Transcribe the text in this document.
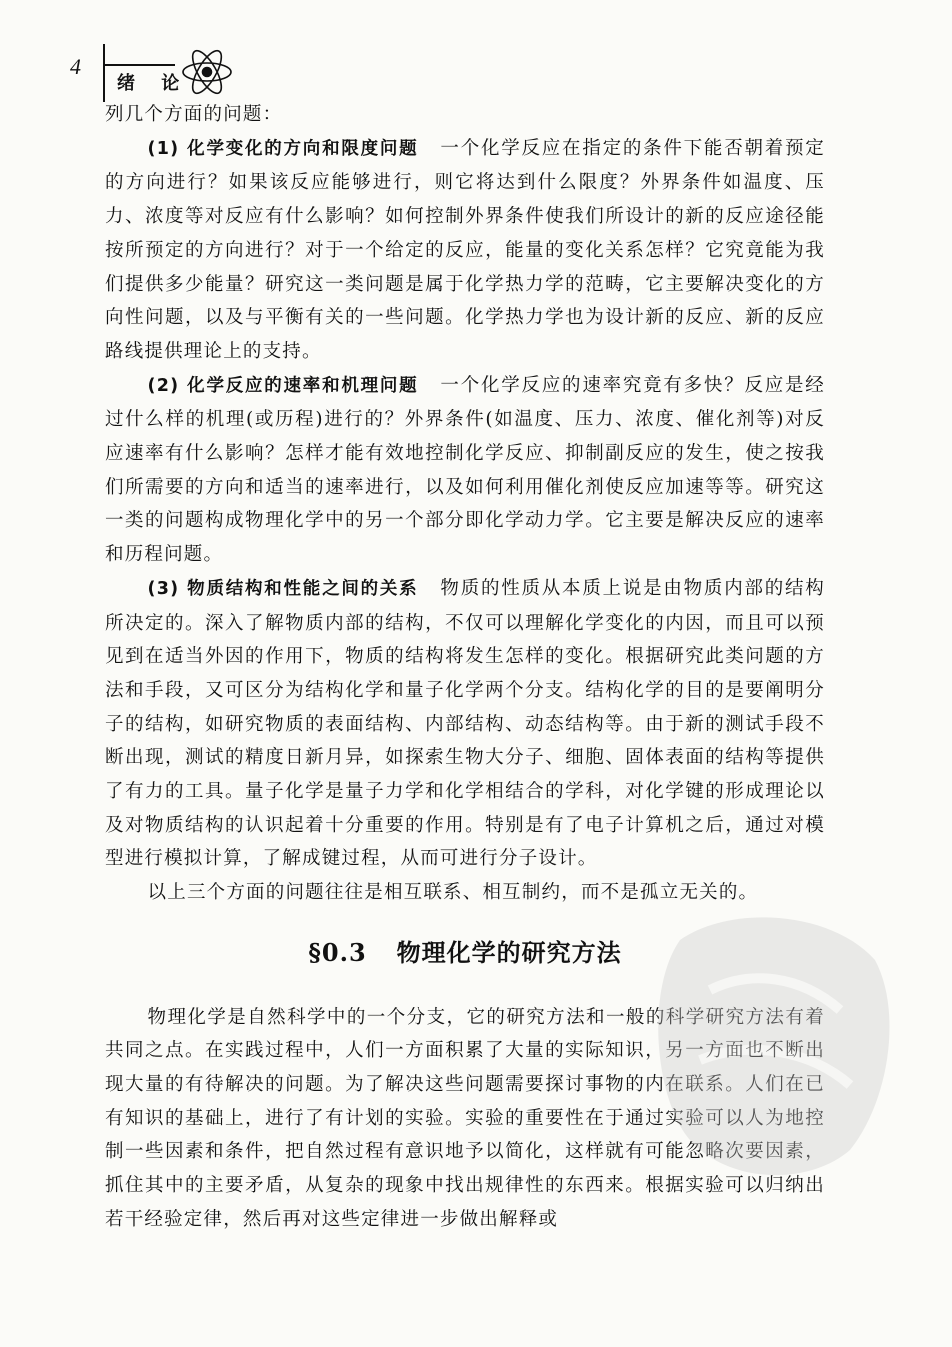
4
绪 论

列几个方面的问题：

(1) 化学变化的方向和限度问题 一个化学反应在指定的条件下能否朝着预定的方向进行？如果该反应能够进行，则它将达到什么限度？外界条件如温度、压力、浓度等对反应有什么影响？如何控制外界条件使我们所设计的新的反应途径能按所预定的方向进行？对于一个给定的反应，能量的变化关系怎样？它究竟能为我们提供多少能量？研究这一类问题是属于化学热力学的范畴，它主要解决变化的方向性问题，以及与平衡有关的一些问题。化学热力学也为设计新的反应、新的反应路线提供理论上的支持。

(2) 化学反应的速率和机理问题 一个化学反应的速率究竟有多快？反应是经过什么样的机理(或历程)进行的？外界条件(如温度、压力、浓度、催化剂等)对反应速率有什么影响？怎样才能有效地控制化学反应、抑制副反应的发生，使之按我们所需要的方向和适当的速率进行，以及如何利用催化剂使反应加速等等。研究这一类的问题构成物理化学中的另一个部分即化学动力学。它主要是解决反应的速率和历程问题。

(3) 物质结构和性能之间的关系 物质的性质从本质上说是由物质内部的结构所决定的。深入了解物质内部的结构，不仅可以理解化学变化的内因，而且可以预见到在适当外因的作用下，物质的结构将发生怎样的变化。根据研究此类问题的方法和手段，又可区分为结构化学和量子化学两个分支。结构化学的目的是要阐明分子的结构，如研究物质的表面结构、内部结构、动态结构等。由于新的测试手段不断出现，测试的精度日新月异，如探索生物大分子、细胞、固体表面的结构等提供了有力的工具。量子化学是量子力学和化学相结合的学科，对化学键的形成理论以及对物质结构的认识起着十分重要的作用。特别是有了电子计算机之后，通过对模型进行模拟计算，了解成键过程，从而可进行分子设计。

以上三个方面的问题往往是相互联系、相互制约，而不是孤立无关的。

§0.3 物理化学的研究方法

物理化学是自然科学中的一个分支，它的研究方法和一般的科学研究方法有着共同之点。在实践过程中，人们一方面积累了大量的实际知识，另一方面也不断出现大量的有待解决的问题。为了解决这些问题需要探讨事物的内在联系。人们在已有知识的基础上，进行了有计划的实验。实验的重要性在于通过实验可以人为地控制一些因素和条件，把自然过程有意识地予以简化，这样就有可能忽略次要因素，抓住其中的主要矛盾，从复杂的现象中找出规律性的东西来。根据实验可以归纳出若干经验定律，然后再对这些定律进一步做出解释或
